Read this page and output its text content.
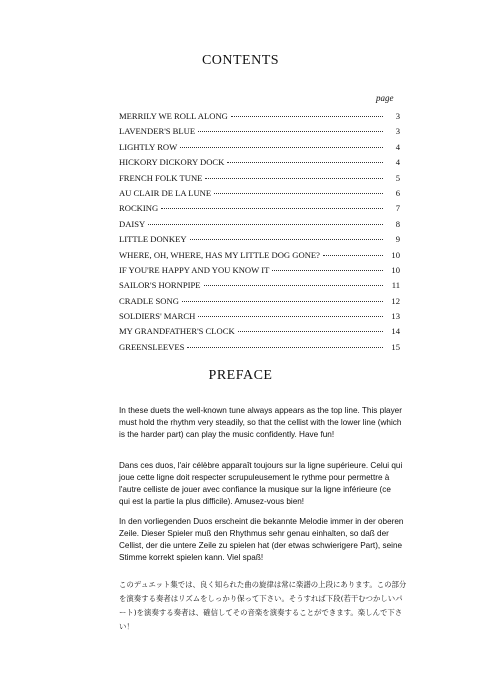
CONTENTS
page
MERRILY WE ROLL ALONG	3
LAVENDER'S BLUE	3
LIGHTLY ROW	4
HICKORY DICKORY DOCK	4
FRENCH FOLK TUNE	5
AU CLAIR DE LA LUNE	6
ROCKING	7
DAISY	8
LITTLE DONKEY	9
WHERE, OH, WHERE, HAS MY LITTLE DOG GONE?	10
IF YOU'RE HAPPY AND YOU KNOW IT	10
SAILOR'S HORNPIPE	11
CRADLE SONG	12
SOLDIERS' MARCH	13
MY GRANDFATHER'S CLOCK	14
GREENSLEEVES	15
PREFACE
In these duets the well-known tune always appears as the top line. This player must hold the rhythm very steadily, so that the cellist with the lower line (which is the harder part) can play the music confidently. Have fun!
Dans ces duos, l'air célèbre apparaît toujours sur la ligne supérieure. Celui qui joue cette ligne doit respecter scrupuleusement le rythme pour permettre à l'autre celliste de jouer avec confiance la musique sur la ligne inférieure (ce qui est la partie la plus difficile). Amusez-vous bien!
In den vorliegenden Duos erscheint die bekannte Melodie immer in der oberen Zeile. Dieser Spieler muß den Rhythmus sehr genau einhalten, so daß der Cellist, der die untere Zeile zu spielen hat (der etwas schwierigere Part), seine Stimme korrekt spielen kann. Viel spaß!
このデュエット集では、良く知られた曲の旋律は常に楽譜の上段にあります。この部分を演奏する奏者はリズムをしっかり保って下さい。そうすれば下段(若干むつかしいパート)を演奏する奏者は、確信してその音楽を演奏することができます。楽しんで下さい！
